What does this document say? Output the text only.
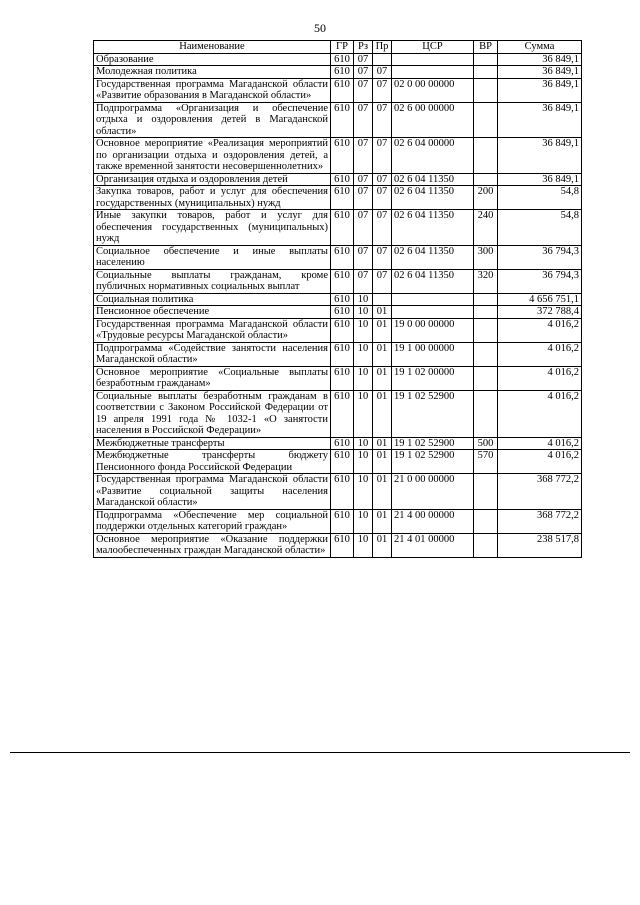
50
Наименование	ГР	Рз	Пр	ЦСР	ВР	Сумма
Образование	610	07				36 849,1
Молодежная политика	610	07	07			36 849,1
Государственная программа Магаданской области «Развитие образования в Магаданской области»	610	07	07	02 0 00 00000		36 849,1
Подпрограмма «Организация и обеспечение отдыха и оздоровления детей в Магаданской области»	610	07	07	02 6 00 00000		36 849,1
Основное мероприятие «Реализация мероприятий по организации отдыха и оздоровления детей, а также временной занятости несовершеннолетних»	610	07	07	02 6 04 00000		36 849,1
Организация отдыха и оздоровления детей	610	07	07	02 6 04 11350		36 849,1
Закупка товаров, работ и услуг для обеспечения государственных (муниципальных) нужд	610	07	07	02 6 04 11350	200	54,8
Иные закупки товаров, работ и услуг для обеспечения государственных (муниципальных) нужд	610	07	07	02 6 04 11350	240	54,8
Социальное обеспечение и иные выплаты населению	610	07	07	02 6 04 11350	300	36 794,3
Социальные выплаты гражданам, кроме публичных нормативных социальных выплат	610	07	07	02 6 04 11350	320	36 794,3
Социальная политика	610	10				4 656 751,1
Пенсионное обеспечение	610	10	01			372 788,4
Государственная программа Магаданской области «Трудовые ресурсы Магаданской области»	610	10	01	19 0 00 00000		4 016,2
Подпрограмма «Содействие занятости населения Магаданской области»	610	10	01	19 1 00 00000		4 016,2
Основное мероприятие «Социальные выплаты безработным гражданам»	610	10	01	19 1 02 00000		4 016,2
Социальные выплаты безработным гражданам в соответствии с Законом Российской Федерации от 19 апреля 1991 года № 1032-1 «О занятости населения в Российской Федерации»	610	10	01	19 1 02 52900		4 016,2
Межбюджетные трансферты	610	10	01	19 1 02 52900	500	4 016,2
Межбюджетные трансферты бюджету Пенсионного фонда Российской Федерации	610	10	01	19 1 02 52900	570	4 016,2
Государственная программа Магаданской области «Развитие социальной защиты населения Магаданской области»	610	10	01	21 0 00 00000		368 772,2
Подпрограмма «Обеспечение мер социальной поддержки отдельных категорий граждан»	610	10	01	21 4 00 00000		368 772,2
Основное мероприятие «Оказание поддержки малообеспеченных граждан Магаданской области»	610	10	01	21 4 01 00000		238 517,8
